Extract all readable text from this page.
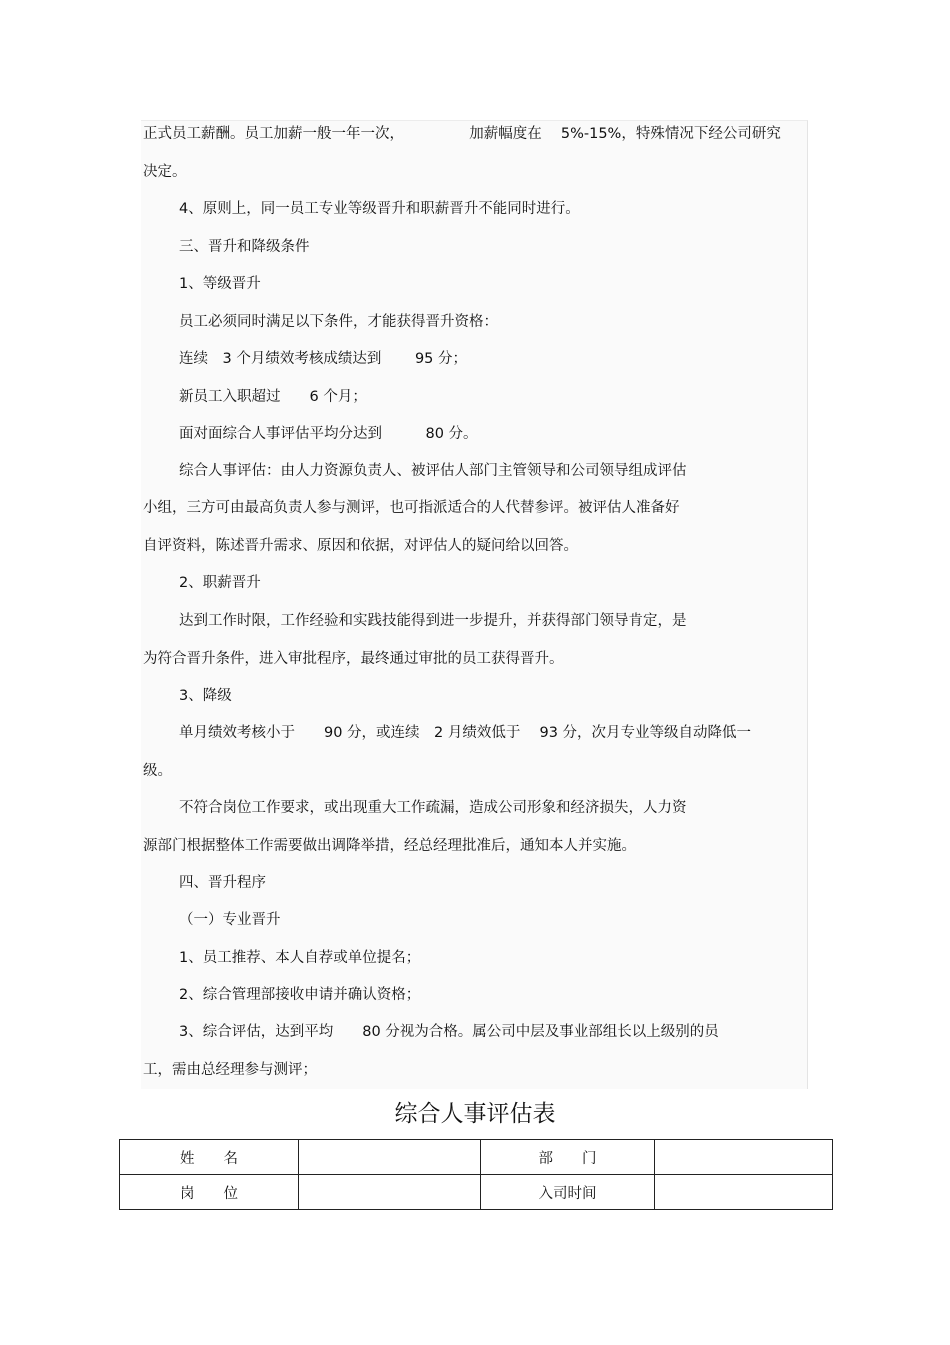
正式员工薪酬。员工加薪一般一年一次，　　　　　加薪幅度在　 5%-15%，特殊情况下经公司研究
决定。
4、原则上，同一员工专业等级晋升和职薪晋升不能同时进行。
三、晋升和降级条件
1、等级晋升
员工必须同时满足以下条件，才能获得晋升资格：
连续　3 个月绩效考核成绩达到　　 95 分；
新员工入职超过　　6 个月；
面对面综合人事评估平均分达到　　　80 分。
综合人事评估：由人力资源负责人、被评估人部门主管领导和公司领导组成评估
小组，三方可由最高负责人参与测评，也可指派适合的人代替参评。被评估人准备好
自评资料，陈述晋升需求、原因和依据，对评估人的疑问给以回答。
2、职薪晋升
达到工作时限，工作经验和实践技能得到进一步提升，并获得部门领导肯定，是
为符合晋升条件，进入审批程序，最终通过审批的员工获得晋升。
3、降级
单月绩效考核小于　　90 分，或连续　2 月绩效低于　 93 分，次月专业等级自动降低一
级。
不符合岗位工作要求，或出现重大工作疏漏，造成公司形象和经济损失，人力资
源部门根据整体工作需要做出调降举措，经总经理批准后，通知本人并实施。
四、晋升程序
（一）专业晋升
1、员工推荐、本人自荐或单位提名；
2、综合管理部接收申请并确认资格；
3、综合评估，达到平均　　80 分视为合格。属公司中层及事业部组长以上级别的员
工，需由总经理参与测评；
综合人事评估表
姓　　名		部　　门	
岗　　位		入司时间	
